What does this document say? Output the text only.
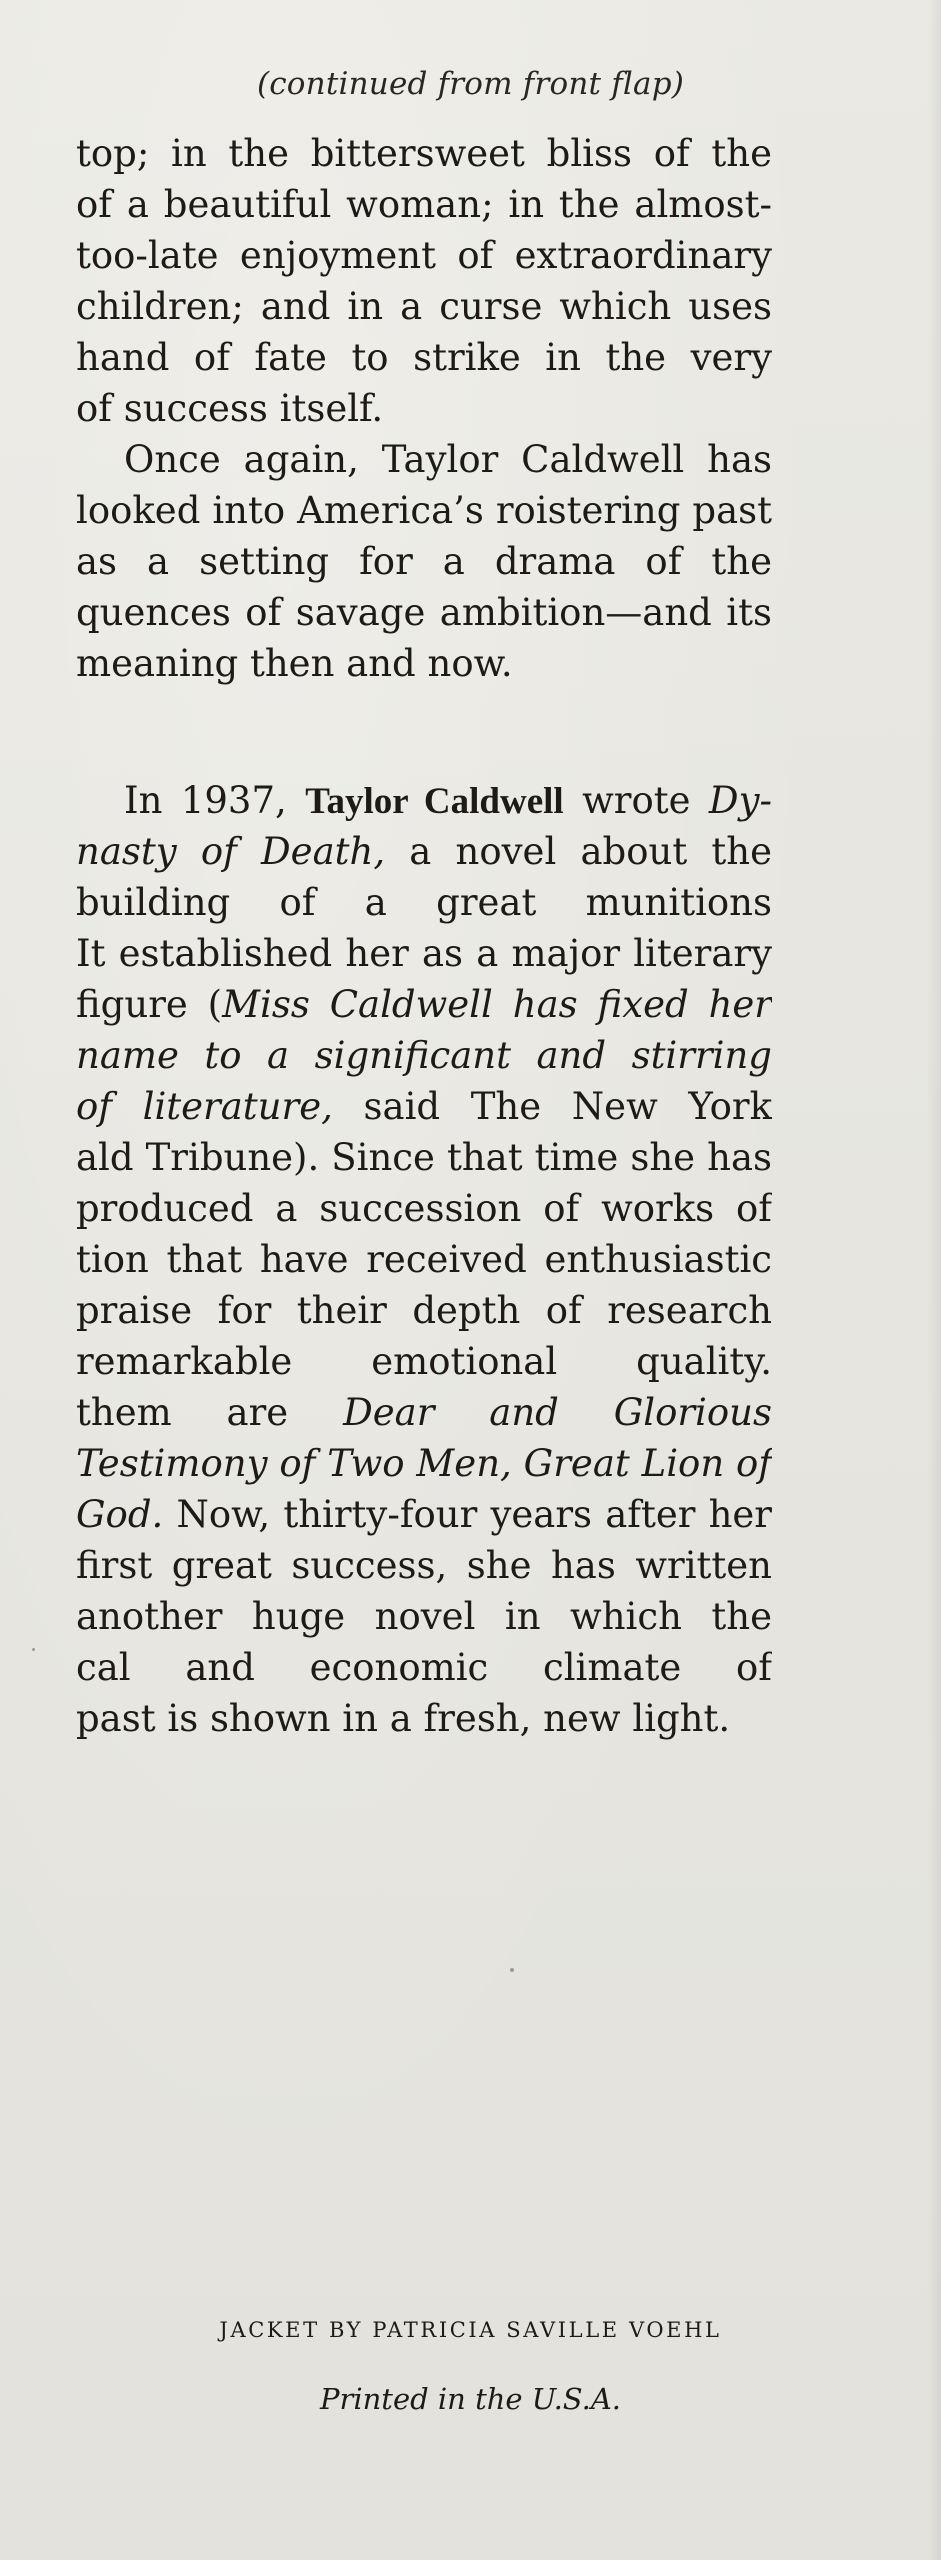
(continued from front flap)
top; in the bittersweet bliss of the
of a beautiful woman; in the almost-
too-late enjoyment of extraordinary
children; and in a curse which uses
hand of fate to strike in the very
of success itself.
Once again, Taylor Caldwell has
looked into America’s roistering past
as a setting for a drama of the
quences of savage ambition—and its
meaning then and now.
In 1937, Taylor Caldwell wrote Dy-
nasty of Death, a novel about the
building of a great munitions
It established her as a major literary
figure (Miss Caldwell has fixed her
name to a significant and stirring
of literature, said The New York
ald Tribune). Since that time she has
produced a succession of works of
tion that have received enthusiastic
praise for their depth of research
remarkable emotional quality.
them are Dear and Glorious
Testimony of Two Men, Great Lion of
God. Now, thirty-four years after her
first great success, she has written
another huge novel in which the
cal and economic climate of
past is shown in a fresh, new light.
JACKET BY PATRICIA SAVILLE VOEHL
Printed in the U.S.A.
